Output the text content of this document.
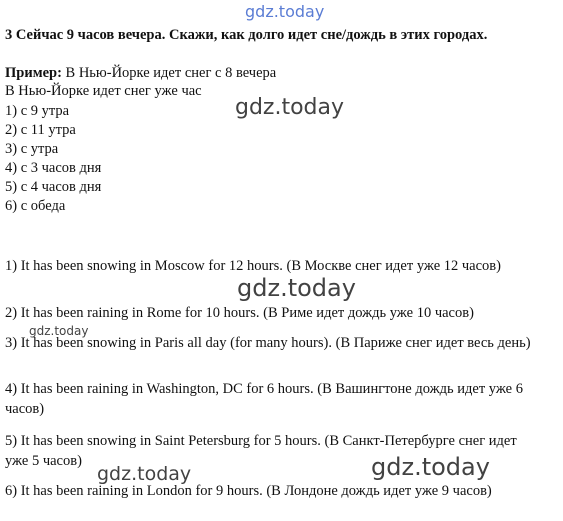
gdz.today

3 Сейчас 9 часов вечера. Скажи, как долго идет сне/дождь в этих городах.

Пример: В Нью-Йорке идет снег с 8 вечера

В Нью-Йорке идет снег уже час

gdz.today
1) с 9 утра
2) с 11 утра
3) с утра
4) с 3 часов дня
5) с 4 часов дня
6) с обеда
1) It has been snowing in Moscow for 12 hours. (В Москве снег идет уже 12 часов)
2) It has been raining in Rome for 10 hours. (В Риме идет дождь уже 10 часов)
3) It has been snowing in Paris all day (for many hours). (В Париже снег идет весь день)
4) It has been raining in Washington, DC for 6 hours. (В Вашингтоне дождь идет уже 6 часов)
5) It has been snowing in Saint Petersburg for 5 hours. (В Санкт-Петербурге снег идет уже 5 часов)
6) It has been raining in London for 9 hours. (В Лондоне дождь идет уже 9 часов)
gdz.today
gdz.today
gdz.today
gdz.today
